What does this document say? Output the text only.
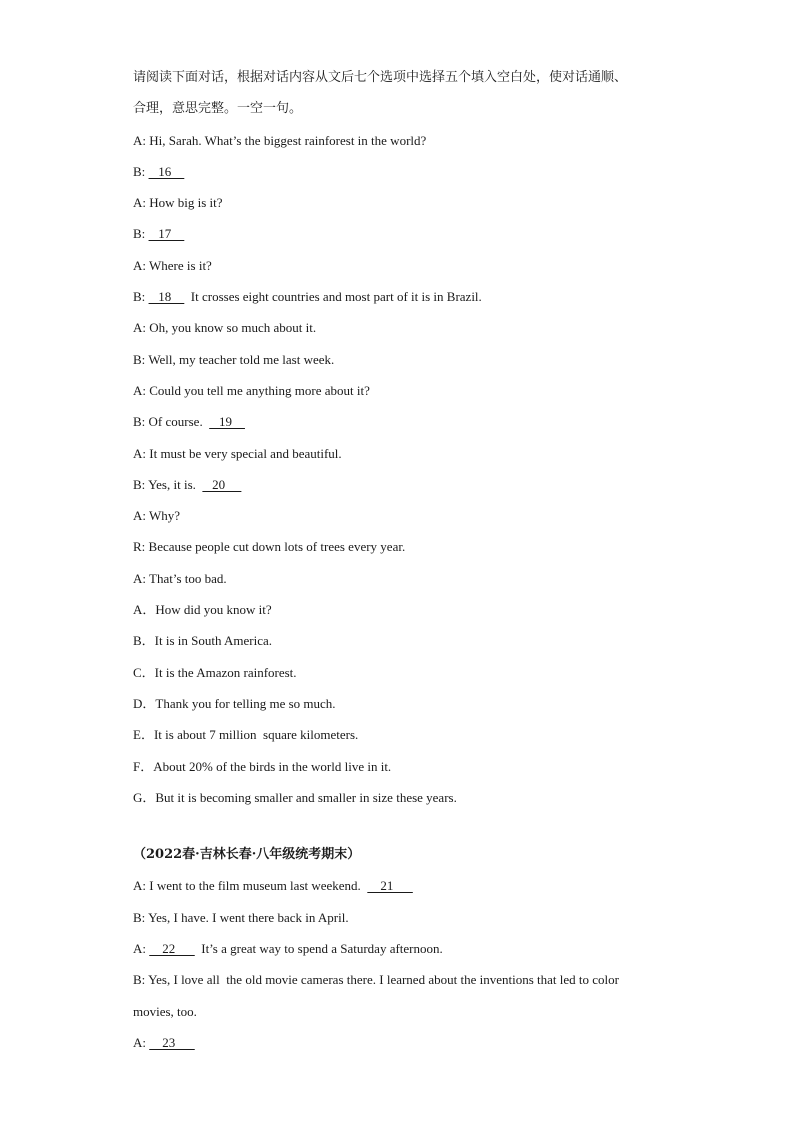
请阅读下面对话，根据对话内容从文后七个选项中选择五个填入空白处，使对话通顺、
合理，意思完整。一空一句。
A: Hi, Sarah. What’s the biggest rainforest in the world?
B:    16
A: How big is it?
B:    17
A: Where is it?
B:    18      It crosses eight countries and most part of it is in Brazil.
A: Oh, you know so much about it.
B: Well, my teacher told me last week.
A: Could you tell me anything more about it?
B: Of course.     19
A: It must be very special and beautiful.
B: Yes, it is.     20
A: Why?
R: Because people cut down lots of trees every year.
A: That’s too bad.
A．How did you know it?
B．It is in South America.
C．It is the Amazon rainforest.
D．Thank you for telling me so much.
E．It is about 7 million  square kilometers.
F．About 20% of the birds in the world live in it.
G．But it is becoming smaller and smaller in size these years.
（2022春·吉林长春·八年级统考期末）
A: I went to the film museum last weekend.      21
B: Yes, I have. I went there back in April.
A:     22        It’s a great way to spend a Saturday afternoon.
B: Yes, I love all  the old movie cameras there. I learned about the inventions that led to color
movies, too.
A:     23
